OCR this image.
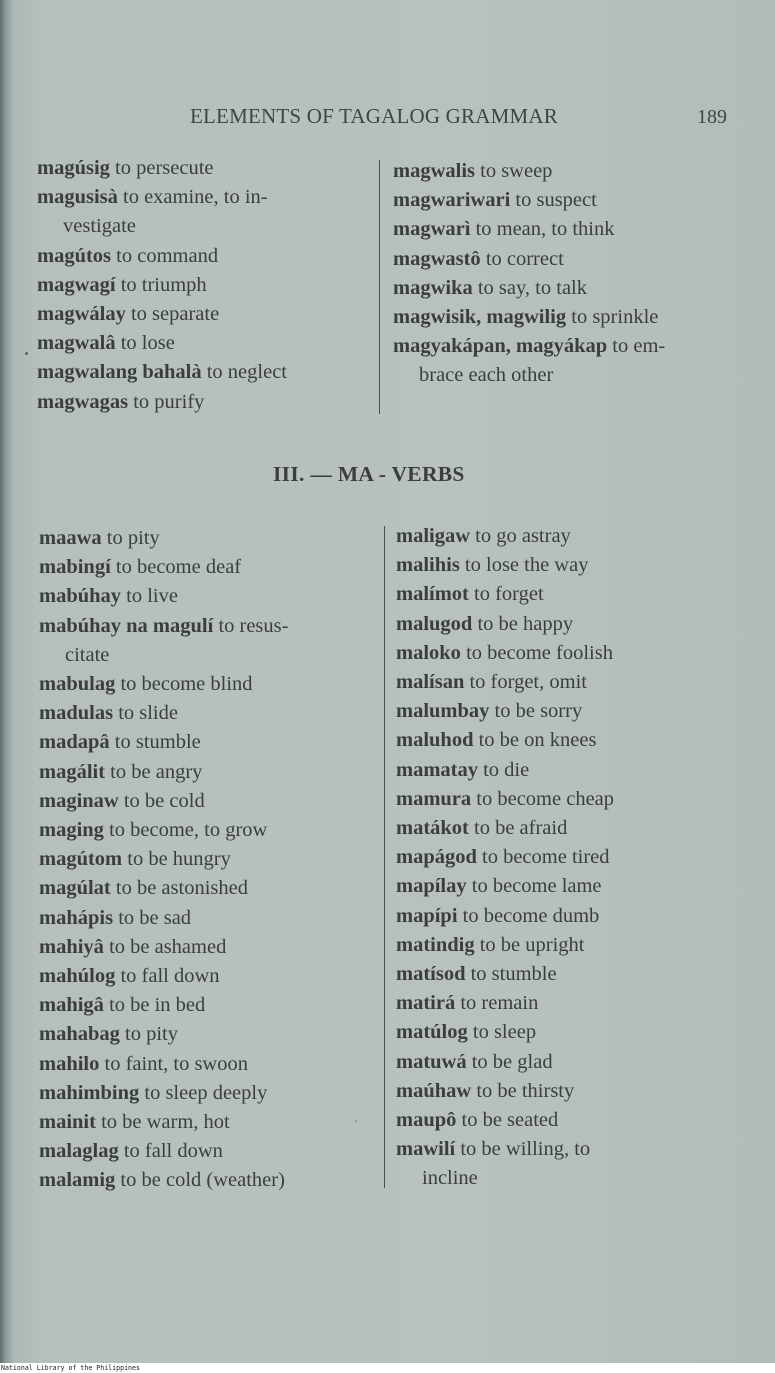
ELEMENTS OF TAGALOG GRAMMAR	189
magúsig to persecute
magusisà to examine, to in-
vestigate
magútos to command
magwagí to triumph
magwálay to separate
magwalâ to lose
magwalang bahalà to neglect
magwagas to purify
magwalis to sweep
magwariwari to suspect
magwarì to mean, to think
magwastô to correct
magwika to say, to talk
magwisik, magwilig to sprinkle
magyakápan, magyákap to em-
brace each other
III. — MA - VERBS
maawa to pity
mabingí to become deaf
mabúhay to live
mabúhay na magulí to resus-
citate
mabulag to become blind
madulas to slide
madapâ to stumble
magálit to be angry
maginaw to be cold
maging to become, to grow
magútom to be hungry
magúlat to be astonished
mahápis to be sad
mahiyâ to be ashamed
mahúlog to fall down
mahigâ to be in bed
mahabag to pity
mahilo to faint, to swoon
mahimbing to sleep deeply
mainit to be warm, hot
malaglag to fall down
malamig to be cold (weather)
maligaw to go astray
malihis to lose the way
malímot to forget
malugod to be happy
maloko to become foolish
malísan to forget, omit
malumbay to be sorry
maluhod to be on knees
mamatay to die
mamura to become cheap
matákot to be afraid
mapágod to become tired
mapílay to become lame
mapípi to become dumb
matindig to be upright
matísod to stumble
matirá to remain
matúlog to sleep
matuwá to be glad
maúhaw to be thirsty
maupô to be seated
mawilí to be willing, to
incline
National Library of the Philippines
